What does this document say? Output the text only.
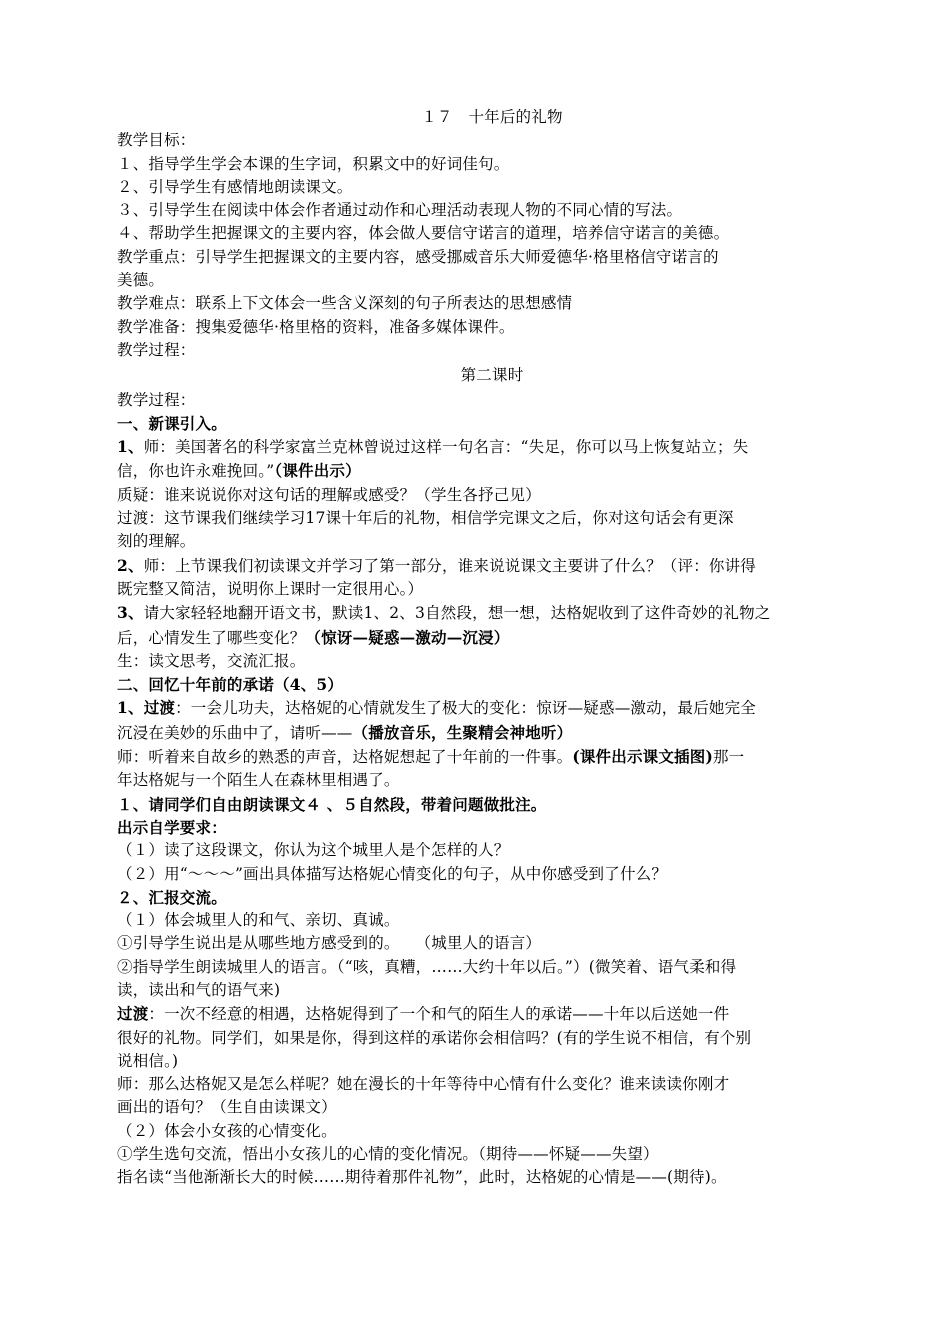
１７　十年后的礼物
教学目标：
１、指导学生学会本课的生字词，积累文中的好词佳句。
２、引导学生有感情地朗读课文。
３、引导学生在阅读中体会作者通过动作和心理活动表现人物的不同心情的写法。
４、帮助学生把握课文的主要内容，体会做人要信守诺言的道理，培养信守诺言的美德。
教学重点：引导学生把握课文的主要内容，感受挪威音乐大师爱德华·格里格信守诺言的
美德。
教学难点：联系上下文体会一些含义深刻的句子所表达的思想感情
教学准备：搜集爱德华·格里格的资料，准备多媒体课件。
教学过程：
第二课时
教学过程：
一、新课引入。
1、师：美国著名的科学家富兰克林曾说过这样一句名言：“失足，你可以马上恢复站立；失
信，你也许永难挽回。”（课件出示）
质疑：谁来说说你对这句话的理解或感受？（学生各抒己见）
过渡：这节课我们继续学习17课十年后的礼物，相信学完课文之后，你对这句话会有更深
刻的理解。
2、师：上节课我们初读课文并学习了第一部分，谁来说说课文主要讲了什么？（评：你讲得
既完整又简洁，说明你上课时一定很用心。）
3、请大家轻轻地翻开语文书，默读1、2、3自然段，想一想，达格妮收到了这件奇妙的礼物之
后，心情发生了哪些变化？（惊讶—疑惑—激动—沉浸）
生：读文思考，交流汇报。
二、回忆十年前的承诺（4、5）
1、过渡：一会儿功夫，达格妮的心情就发生了极大的变化：惊讶—疑惑—激动，最后她完全
沉浸在美妙的乐曲中了，请听——（播放音乐，生聚精会神地听）
师：听着来自故乡的熟悉的声音，达格妮想起了十年前的一件事。(课件出示课文插图)那一
年达格妮与一个陌生人在森林里相遇了。
１、请同学们自由朗读课文４ 、５自然段，带着问题做批注。
出示自学要求：
（１）读了这段课文，你认为这个城里人是个怎样的人？
（２）用“～～～”画出具体描写达格妮心情变化的句子，从中你感受到了什么？
２、汇报交流。
（１）体会城里人的和气、亲切、真诚。
①引导学生说出是从哪些地方感受到的。　　（城里人的语言）
②指导学生朗读城里人的语言。（“咳，真糟，……大约十年以后。”）(微笑着、语气柔和得
读，读出和气的语气来)
过渡：一次不经意的相遇，达格妮得到了一个和气的陌生人的承诺——十年以后送她一件
很好的礼物。同学们，如果是你，得到这样的承诺你会相信吗？(有的学生说不相信，有个别
说相信。)
师：那么达格妮又是怎么样呢？她在漫长的十年等待中心情有什么变化？谁来读读你刚才
画出的语句？（生自由读课文）
（２）体会小女孩的心情变化。
①学生选句交流，悟出小女孩儿的心情的变化情况。（期待——怀疑——失望）
指名读“当他渐渐长大的时候……期待着那件礼物”，此时，达格妮的心情是——(期待)。
